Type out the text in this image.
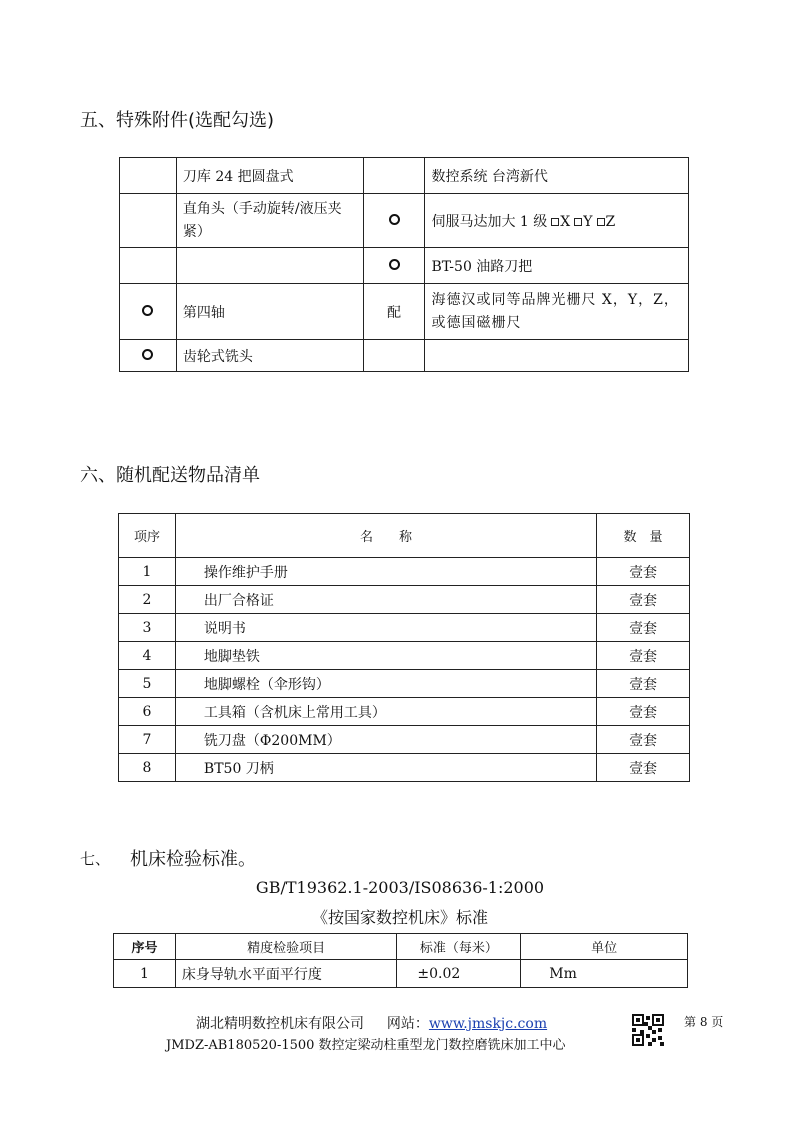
五、特殊附件(选配勾选)
	刀库 24 把圆盘式		数控系统 台湾新代
	直角头（手动旋转/液压夹紧）		伺服马达加大 1 级 X Y Z
			BT-50 油路刀把
	第四轴	配	海德汉或同等品牌光栅尺 X，Y，Z，或德国磁栅尺
	齿轮式铣头		
六、随机配送物品清单
项序	名　　称	数　量
1	操作维护手册	壹套
2	出厂合格证	壹套
3	说明书	壹套
4	地脚垫铁	壹套
5	地脚螺栓（伞形钩）	壹套
6	工具箱（含机床上常用工具）	壹套
7	铣刀盘（Φ200MM）	壹套
8	BT50 刀柄	壹套
七、 机床检验标准。
GB/T19362.1-2003/IS08636-1:2000
《按国家数控机床》标准
序号	精度检验项目	标准（每米）	单位
1	床身导轨水平面平行度	±0.02	Mm
湖北精明数控机床有限公司 网站：www.jmskjc.com
JMDZ-AB180520-1500 数控定梁动柱重型龙门数控磨铣床加工中心
第 8 页
